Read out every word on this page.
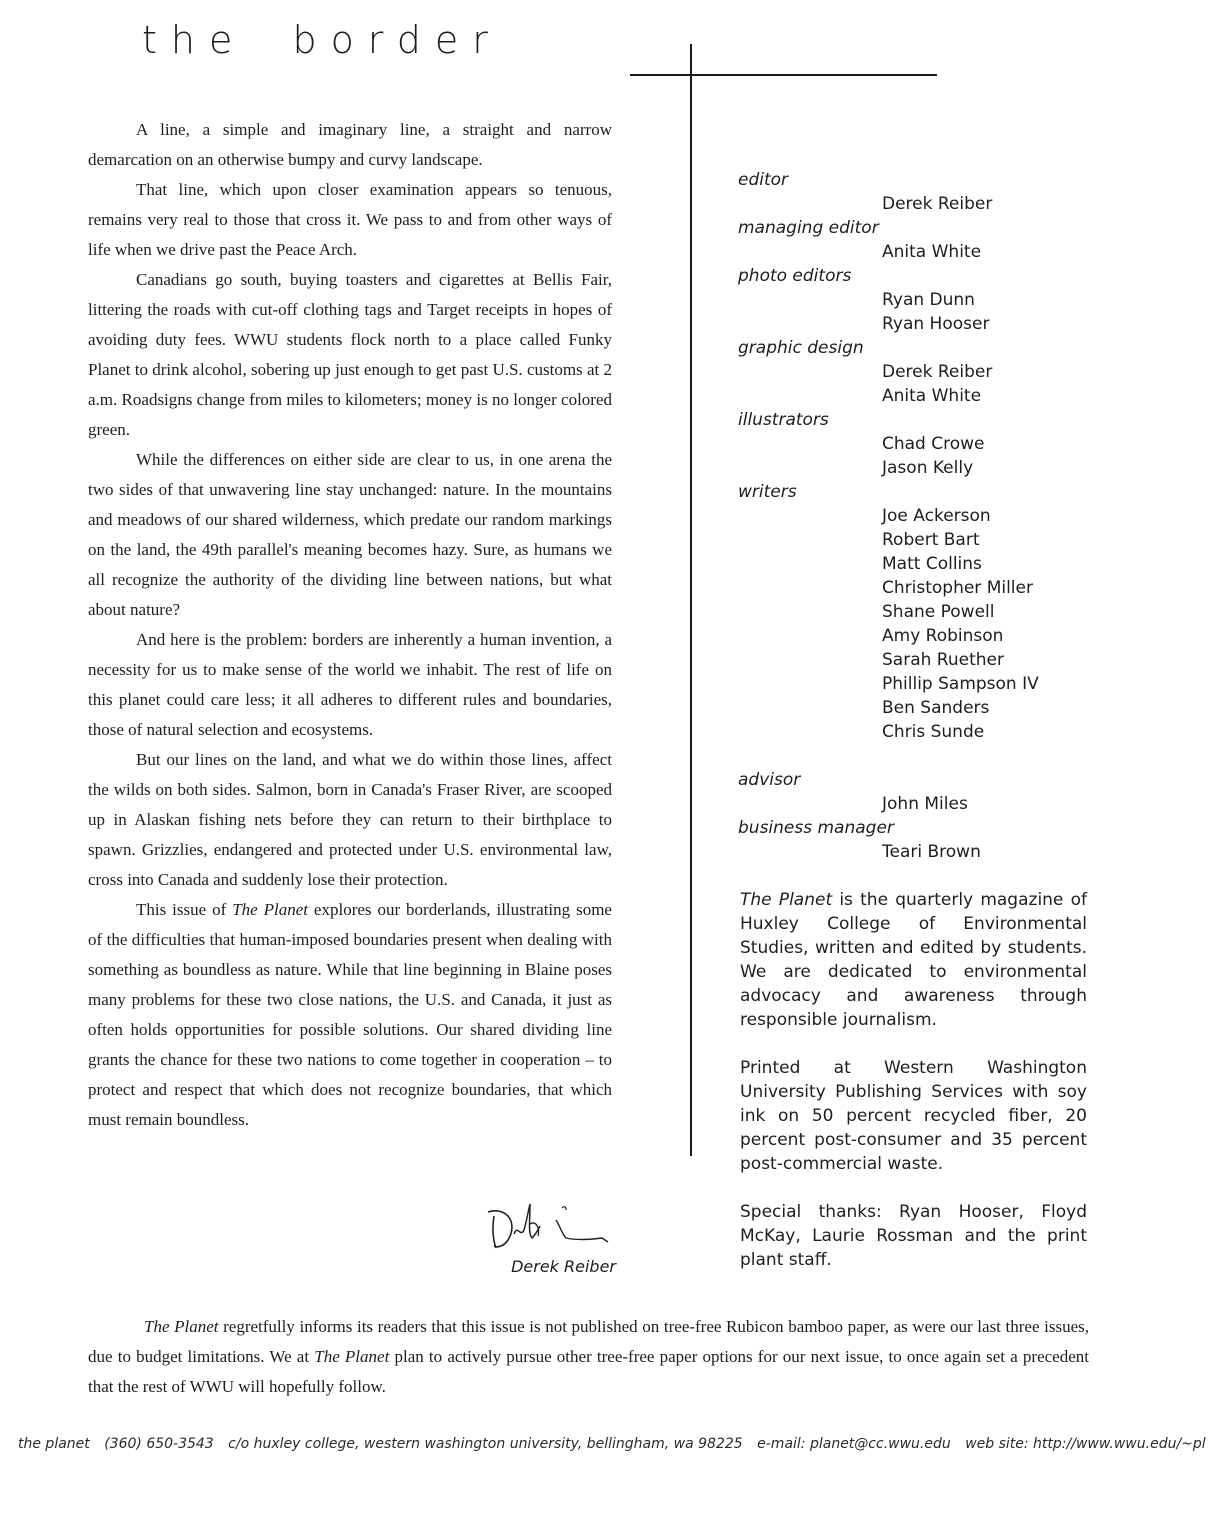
the border

A line, a simple and imaginary line, a straight and narrow demarcation on an otherwise bumpy and curvy landscape.

That line, which upon closer examination appears so tenuous, remains very real to those that cross it. We pass to and from other ways of life when we drive past the Peace Arch.

Canadians go south, buying toasters and cigarettes at Bellis Fair, littering the roads with cut-off clothing tags and Target receipts in hopes of avoiding duty fees. WWU students flock north to a place called Funky Planet to drink alcohol, sobering up just enough to get past U.S. customs at 2 a.m. Roadsigns change from miles to kilometers; money is no longer colored green.

While the differences on either side are clear to us, in one arena the two sides of that unwavering line stay unchanged: nature. In the mountains and meadows of our shared wilderness, which predate our random markings on the land, the 49th parallel's meaning becomes hazy. Sure, as humans we all recognize the authority of the dividing line between nations, but what about nature?

And here is the problem: borders are inherently a human invention, a necessity for us to make sense of the world we inhabit. The rest of life on this planet could care less; it all adheres to different rules and boundaries, those of natural selection and ecosystems.

But our lines on the land, and what we do within those lines, affect the wilds on both sides. Salmon, born in Canada's Fraser River, are scooped up in Alaskan fishing nets before they can return to their birthplace to spawn. Grizzlies, endangered and protected under U.S. environmental law, cross into Canada and suddenly lose their protection.

This issue of The Planet explores our borderlands, illustrating some of the difficulties that human-imposed boundaries present when dealing with something as boundless as nature. While that line beginning in Blaine poses many problems for these two close nations, the U.S. and Canada, it just as often holds opportunities for possible solutions. Our shared dividing line grants the chance for these two nations to come together in cooperation – to protect and respect that which does not recognize boundaries, that which must remain boundless.

Derek Reiber
editor
Derek Reiber
managing editor
Anita White
photo editors
Ryan Dunn
Ryan Hooser
graphic design
Derek Reiber
Anita White
illustrators
Chad Crowe
Jason Kelly
writers
Joe Ackerson
Robert Bart
Matt Collins
Christopher Miller
Shane Powell
Amy Robinson
Sarah Ruether
Phillip Sampson IV
Ben Sanders
Chris Sunde
advisor
John Miles
business manager
Teari Brown

The Planet is the quarterly magazine of Huxley College of Environmental Studies, written and edited by students. We are dedicated to environmental advocacy and awareness through responsible journalism.

Printed at Western Washington University Publishing Services with soy ink on 50 percent recycled fiber, 20 percent post-consumer and 35 percent post-commercial waste.

Special thanks: Ryan Hooser, Floyd McKay, Laurie Rossman and the print plant staff.

The Planet regretfully informs its readers that this issue is not published on tree-free Rubicon bamboo paper, as were our last three issues, due to budget limitations. We at The Planet plan to actively pursue other tree-free paper options for our next issue, to once again set a precedent that the rest of WWU will hopefully follow.

the planet (360) 650-3543 c/o huxley college, western washington university, bellingham, wa 98225 e-mail: planet@cc.wwu.edu web site: http://www.wwu.edu/~pl
